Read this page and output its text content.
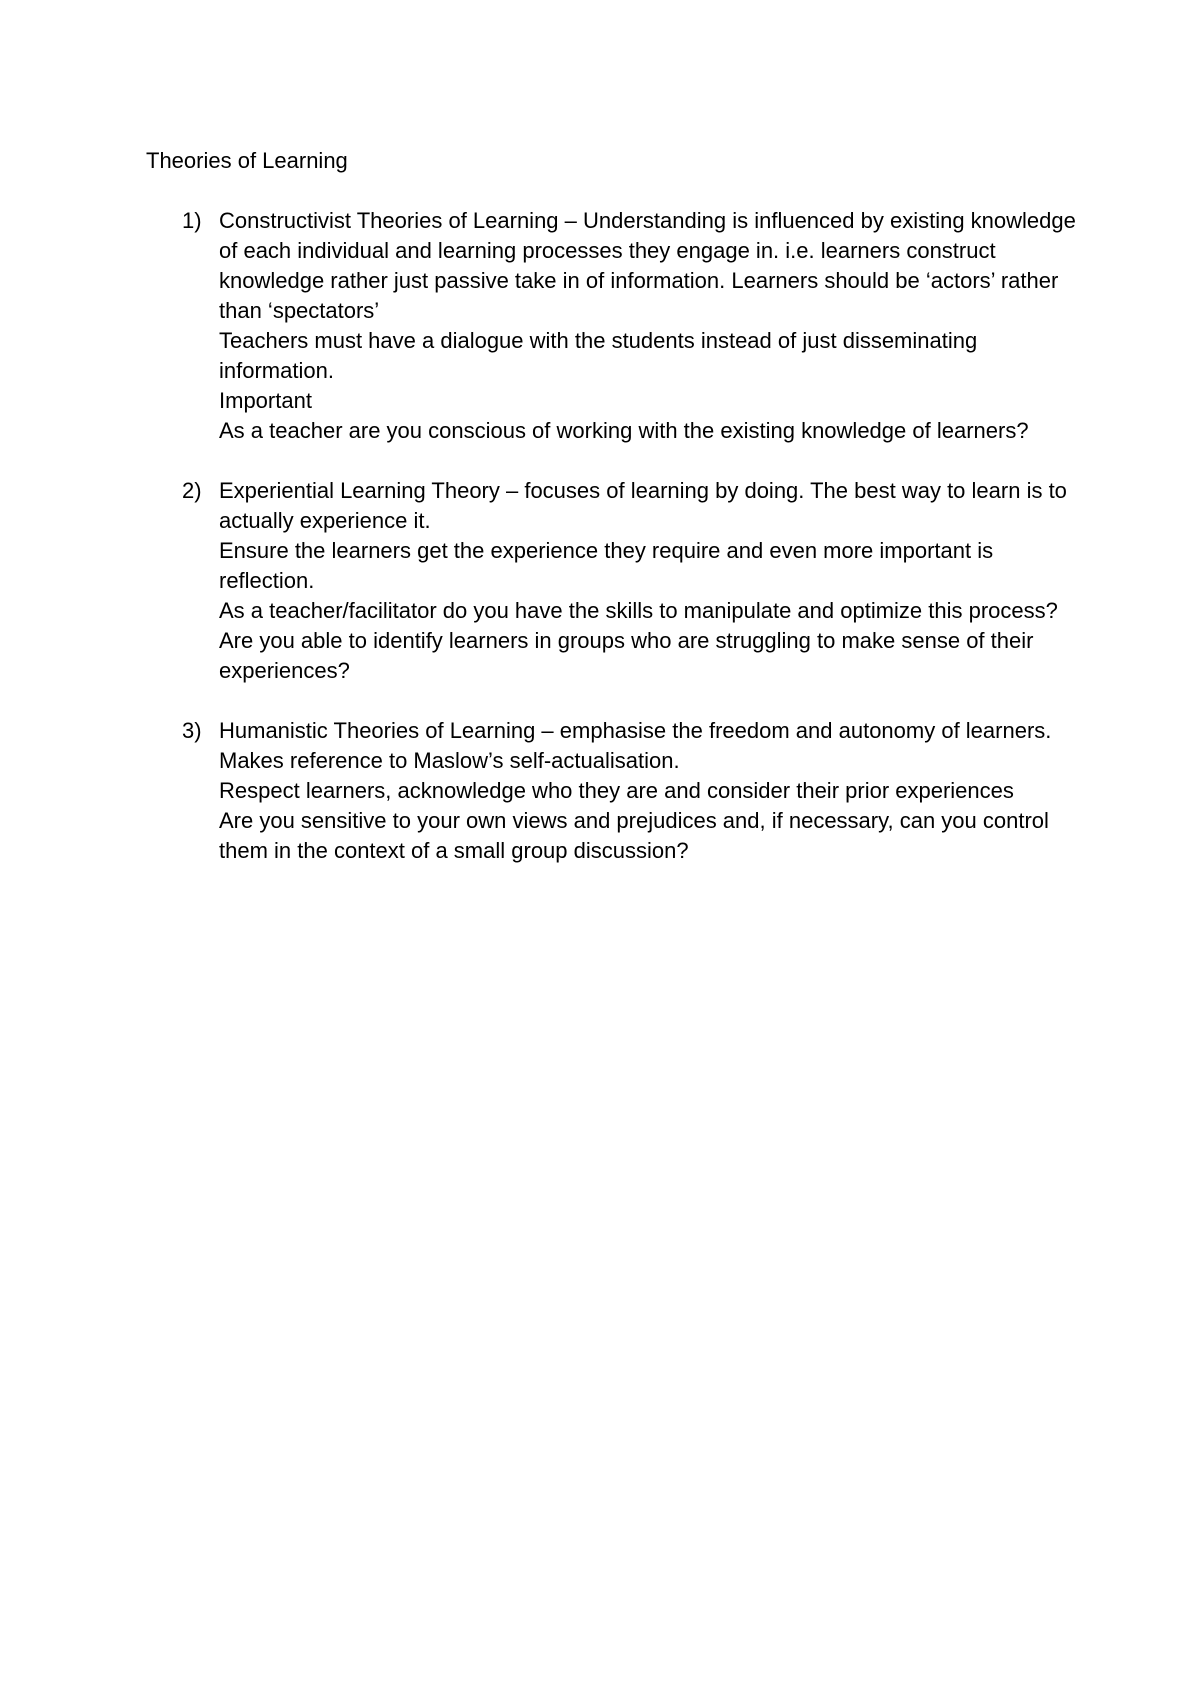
Theories of Learning
1) Constructivist Theories of Learning – Understanding is influenced by existing knowledge of each individual and learning processes they engage in. i.e. learners construct knowledge rather just passive take in of information. Learners should be ‘actors’ rather than ‘spectators’
Teachers must have a dialogue with the students instead of just disseminating information.
Important
As a teacher are you conscious of working with the existing knowledge of learners?
2) Experiential Learning Theory – focuses of learning by doing. The best way to learn is to actually experience it.
Ensure the learners get the experience they require and even more important is reflection.
As a teacher/facilitator do you have the skills to manipulate and optimize this process? Are you able to identify learners in groups who are struggling to make sense of their experiences?
3) Humanistic Theories of Learning – emphasise the freedom and autonomy of learners. Makes reference to Maslow’s self-actualisation.
Respect learners, acknowledge who they are and consider their prior experiences
Are you sensitive to your own views and prejudices and, if necessary, can you control them in the context of a small group discussion?
